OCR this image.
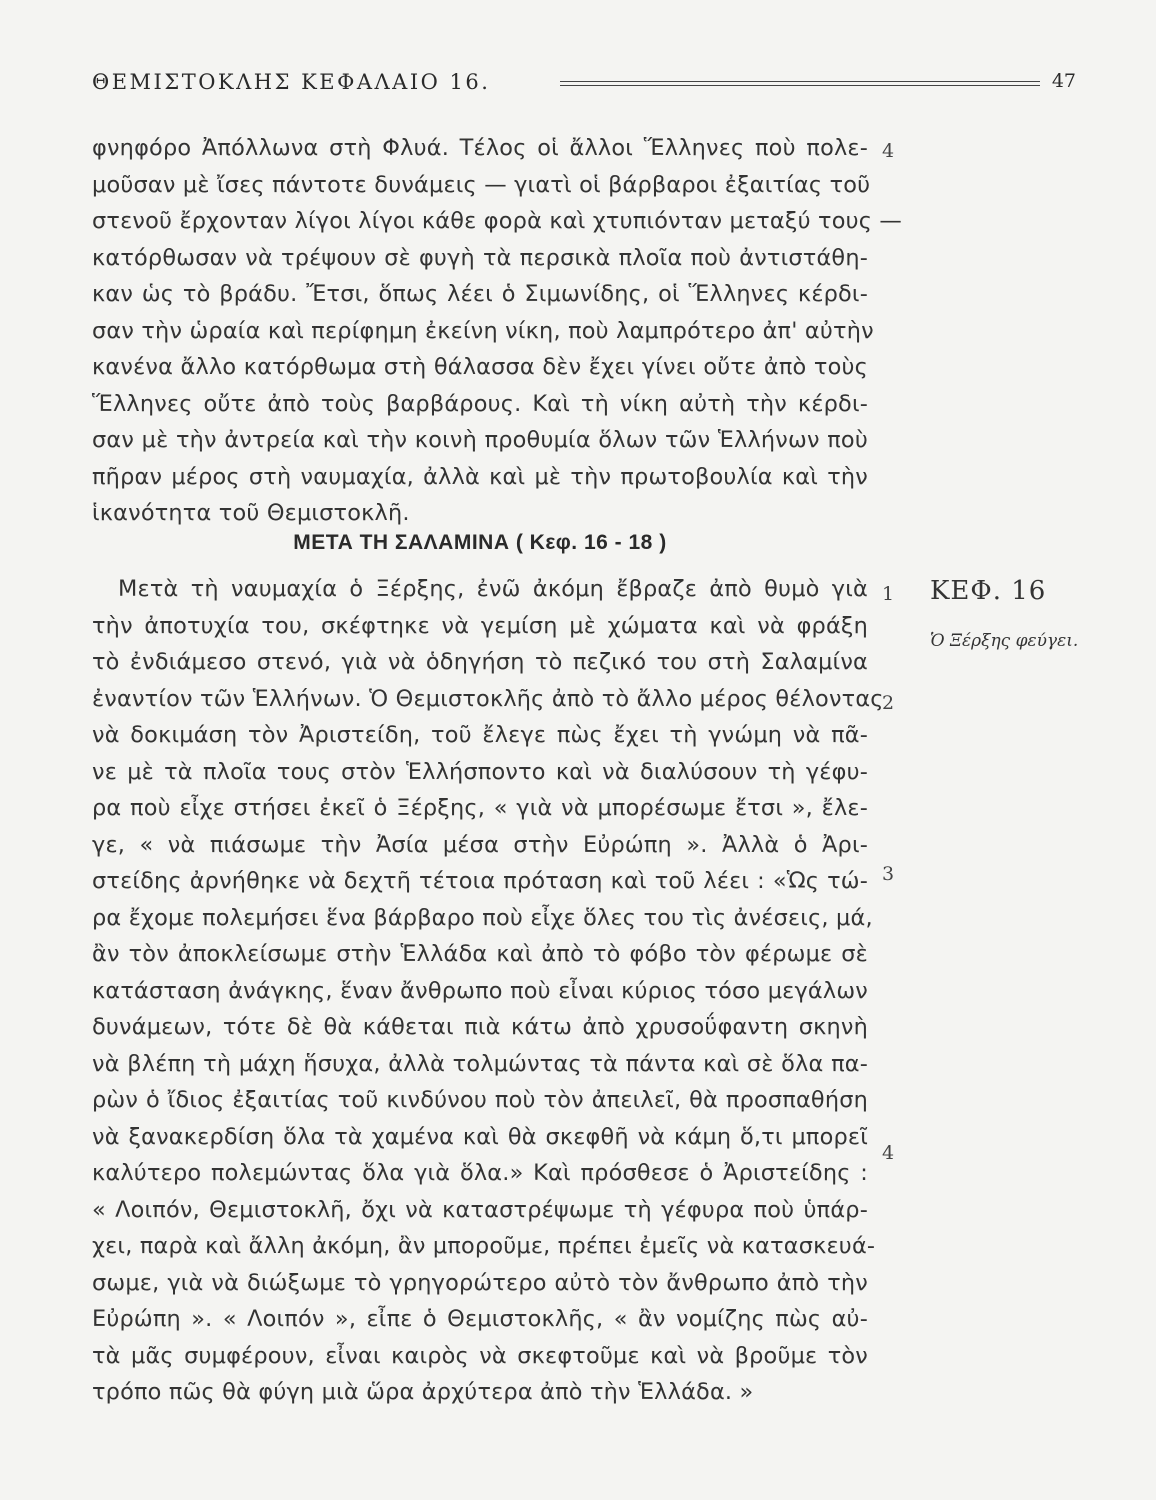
ΘΕΜΙΣΤΟΚΛΗΣ ΚΕΦΑΛΑΙΟ 16.	47
φνηφόρο Ἀπόλλωνα στὴ Φλυά. Τέλος οἱ ἄλλοι Ἕλληνες ποὺ πολε-
μοῦσαν μὲ ἴσες πάντοτε δυνάμεις — γιατὶ οἱ βάρβαροι ἐξαιτίας τοῦ
στενοῦ ἔρχονταν λίγοι λίγοι κάθε φορὰ καὶ χτυπιόνταν μεταξύ τους —
κατόρθωσαν νὰ τρέψουν σὲ φυγὴ τὰ περσικὰ πλοῖα ποὺ ἀντιστάθη-
καν ὡς τὸ βράδυ. Ἔτσι, ὅπως λέει ὁ Σιμωνίδης, οἱ Ἕλληνες κέρδι-
σαν τὴν ὡραία καὶ περίφημη ἐκείνη νίκη, ποὺ λαμπρότερο ἀπ' αὐτὴν
κανένα ἄλλο κατόρθωμα στὴ θάλασσα δὲν ἔχει γίνει οὔτε ἀπὸ τοὺς
Ἕλληνες οὔτε ἀπὸ τοὺς βαρβάρους. Καὶ τὴ νίκη αὐτὴ τὴν κέρδι-
σαν μὲ τὴν ἀντρεία καὶ τὴν κοινὴ προθυμία ὅλων τῶν Ἑλλήνων ποὺ
πῆραν μέρος στὴ ναυμαχία, ἀλλὰ καὶ μὲ τὴν πρωτοβουλία καὶ τὴν
ἱκανότητα τοῦ Θεμιστοκλῆ.
ΜΕΤΑ ΤΗ ΣΑΛΑΜΙΝΑ ( Κεφ. 16 - 18 )
Μετὰ τὴ ναυμαχία ὁ Ξέρξης, ἐνῶ ἀκόμη ἔβραζε ἀπὸ θυμὸ γιὰ
τὴν ἀποτυχία του, σκέφτηκε νὰ γεμίση μὲ χώματα καὶ νὰ φράξη
τὸ ἐνδιάμεσο στενό, γιὰ νὰ ὁδηγήση τὸ πεζικό του στὴ Σαλαμίνα
ἐναντίον τῶν Ἑλλήνων. Ὁ Θεμιστοκλῆς ἀπὸ τὸ ἄλλο μέρος θέλοντας
νὰ δοκιμάση τὸν Ἀριστείδη, τοῦ ἔλεγε πὼς ἔχει τὴ γνώμη νὰ πᾶ-
νε μὲ τὰ πλοῖα τους στὸν Ἑλλήσποντο καὶ νὰ διαλύσουν τὴ γέφυ-
ρα ποὺ εἶχε στήσει ἐκεῖ ὁ Ξέρξης, « γιὰ νὰ μπορέσωμε ἔτσι », ἔλε-
γε, « νὰ πιάσωμε τὴν Ἀσία μέσα στὴν Εὐρώπη ». Ἀλλὰ ὁ Ἀρι-
στείδης ἀρνήθηκε νὰ δεχτῆ τέτοια πρόταση καὶ τοῦ λέει : «Ὡς τώ-
ρα ἔχομε πολεμήσει ἕνα βάρβαρο ποὺ εἶχε ὅλες του τὶς ἀνέσεις, μά,
ἂν τὸν ἀποκλείσωμε στὴν Ἑλλάδα καὶ ἀπὸ τὸ φόβο τὸν φέρωμε σὲ
κατάσταση ἀνάγκης, ἕναν ἄνθρωπο ποὺ εἶναι κύριος τόσο μεγάλων
δυνάμεων, τότε δὲ θὰ κάθεται πιὰ κάτω ἀπὸ χρυσοΰφαντη σκηνὴ
νὰ βλέπη τὴ μάχη ἥσυχα, ἀλλὰ τολμώντας τὰ πάντα καὶ σὲ ὅλα πα-
ρὼν ὁ ἴδιος ἐξαιτίας τοῦ κινδύνου ποὺ τὸν ἀπειλεῖ, θὰ προσπαθήση
νὰ ξανακερδίση ὅλα τὰ χαμένα καὶ θὰ σκεφθῆ νὰ κάμη ὅ,τι μπορεῖ
καλύτερο πολεμώντας ὅλα γιὰ ὅλα.» Καὶ πρόσθεσε ὁ Ἀριστείδης :
« Λοιπόν, Θεμιστοκλῆ, ὄχι νὰ καταστρέψωμε τὴ γέφυρα ποὺ ὑπάρ-
χει, παρὰ καὶ ἄλλη ἀκόμη, ἂν μποροῦμε, πρέπει ἐμεῖς νὰ κατασκευά-
σωμε, γιὰ νὰ διώξωμε τὸ γρηγορώτερο αὐτὸ τὸν ἄνθρωπο ἀπὸ τὴν
Εὐρώπη ». « Λοιπόν », εἶπε ὁ Θεμιστοκλῆς, « ἂν νομίζης πὼς αὐ-
τὰ μᾶς συμφέρουν, εἶναι καιρὸς νὰ σκεφτοῦμε καὶ νὰ βροῦμε τὸν
τρόπο πῶς θὰ φύγη μιὰ ὥρα ἀρχύτερα ἀπὸ τὴν Ἑλλάδα. »
4
1
2
3
4
ΚΕΦ. 16
Ὁ Ξέρξης φεύγει.
